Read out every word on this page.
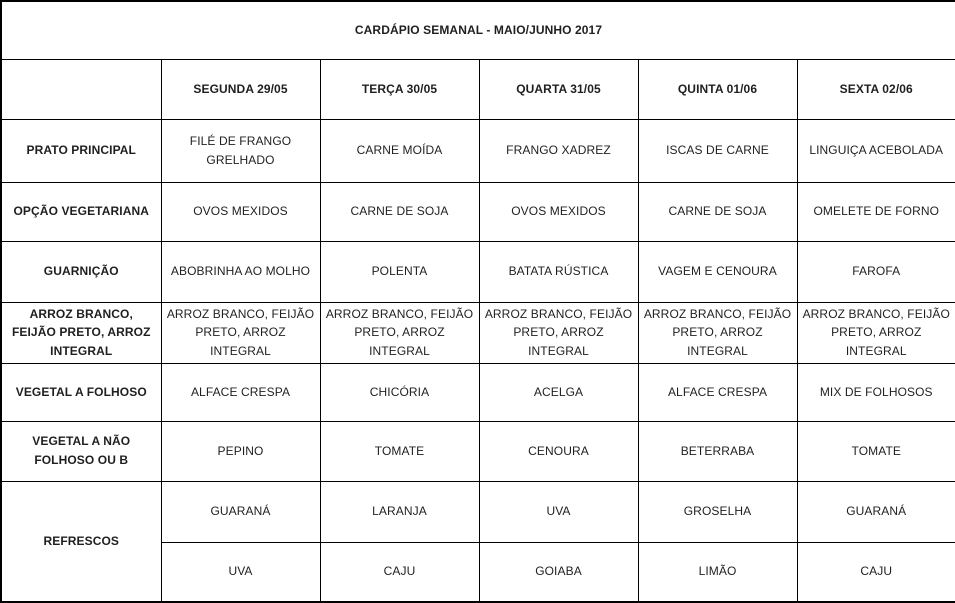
CARDÁPIO SEMANAL - MAIO/JUNHO 2017					
	SEGUNDA 29/05	TERÇA 30/05	QUARTA 31/05	QUINTA 01/06	SEXTA 02/06
PRATO PRINCIPAL	FILÉ DE FRANGO GRELHADO	CARNE MOÍDA	FRANGO XADREZ	ISCAS DE CARNE	LINGUIÇA ACEBOLADA
OPÇÃO VEGETARIANA	OVOS MEXIDOS	CARNE DE SOJA	OVOS MEXIDOS	CARNE DE SOJA	OMELETE DE FORNO
GUARNIÇÃO	ABOBRINHA AO MOLHO	POLENTA	BATATA RÚSTICA	VAGEM E CENOURA	FAROFA
ARROZ BRANCO, FEIJÃO PRETO, ARROZ INTEGRAL	ARROZ BRANCO, FEIJÃO PRETO, ARROZ INTEGRAL	ARROZ BRANCO, FEIJÃO PRETO, ARROZ INTEGRAL	ARROZ BRANCO, FEIJÃO PRETO, ARROZ INTEGRAL	ARROZ BRANCO, FEIJÃO PRETO, ARROZ INTEGRAL	ARROZ BRANCO, FEIJÃO PRETO, ARROZ INTEGRAL
VEGETAL A FOLHOSO	ALFACE CRESPA	CHICÓRIA	ACELGA	ALFACE CRESPA	MIX DE FOLHOSOS
VEGETAL A NÃO FOLHOSO OU B	PEPINO	TOMATE	CENOURA	BETERRABA	TOMATE
REFRESCOS	GUARANÁ	LARANJA	UVA	GROSELHA	GUARANÁ
	UVA	CAJU	GOIABA	LIMÃO	CAJU
